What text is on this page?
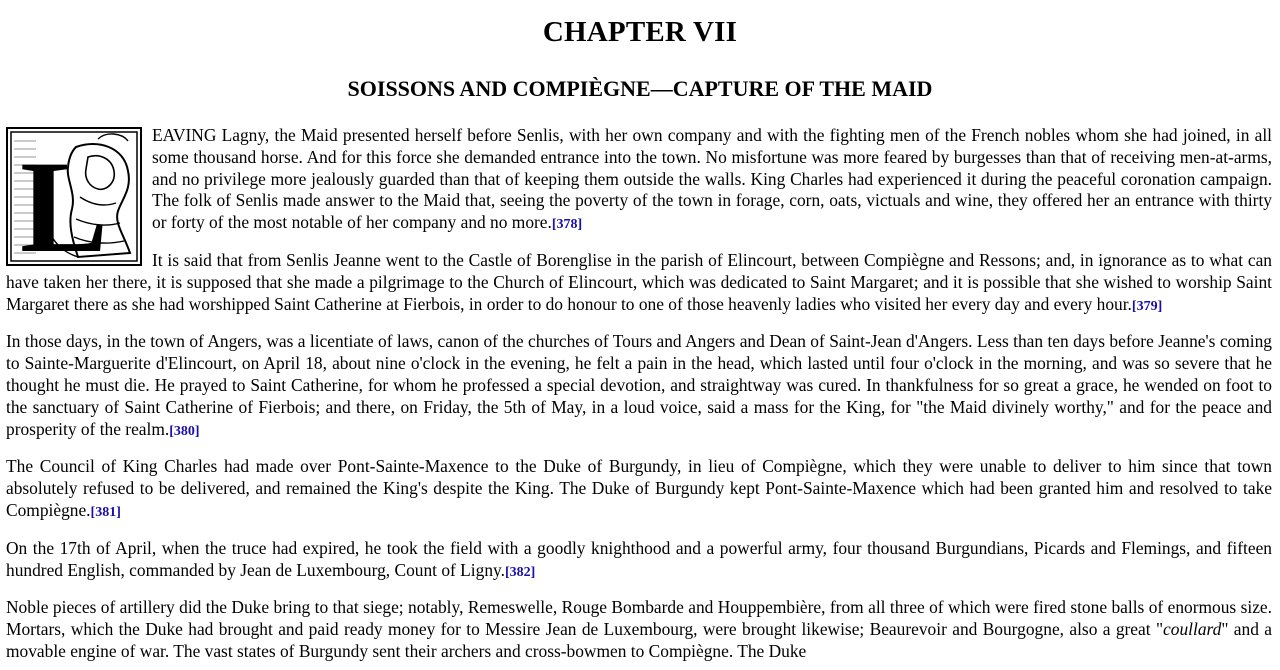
CHAPTER VII
SOISSONS AND COMPIÈGNE—CAPTURE OF THE MAID
L	EAVING Lagny, the Maid presented herself before Senlis, with her own company and with the fighting men of the French nobles whom she had joined, in all some thousand horse. And for this force she demanded entrance into the town. No misfortune was more feared by burgesses than that of receiving men-at-arms, and no privilege more jealously guarded than that of keeping them outside the walls. King Charles had experienced it during the peaceful coronation campaign. The folk of Senlis made answer to the Maid that, seeing the poverty of the town in forage, corn, oats, victuals and wine, they offered her an entrance with thirty or forty of the most notable of her company and no more.[378]

It is said that from Senlis Jeanne went to the Castle of Borenglise in the parish of Elincourt, between Compiègne and Ressons; and, in ignorance as to what can have taken her there, it is supposed that she made a pilgrimage to the Church of Elincourt, which was dedicated to Saint Margaret; and it is possible that she wished to worship Saint Margaret there as she had worshipped Saint Catherine at Fierbois, in order to do honour to one of those heavenly ladies who visited her every day and every hour.[379]

In those days, in the town of Angers, was a licentiate of laws, canon of the churches of Tours and Angers and Dean of Saint-Jean d'Angers. Less than ten days before Jeanne's coming to Sainte-Marguerite d'Elincourt, on April 18, about nine o'clock in the evening, he felt a pain in the head, which lasted until four o'clock in the morning, and was so severe that he thought he must die. He prayed to Saint Catherine, for whom he professed a special devotion, and straightway was cured. In thankfulness for so great a grace, he wended on foot to the sanctuary of Saint Catherine of Fierbois; and there, on Friday, the 5th of May, in a loud voice, said a mass for the King, for "the Maid divinely worthy," and for the peace and prosperity of the realm.[380]

The Council of King Charles had made over Pont-Sainte-Maxence to the Duke of Burgundy, in lieu of Compiègne, which they were unable to deliver to him since that town absolutely refused to be delivered, and remained the King's despite the King. The Duke of Burgundy kept Pont-Sainte-Maxence which had been granted him and resolved to take Compiègne.[381]

On the 17th of April, when the truce had expired, he took the field with a goodly knighthood and a powerful army, four thousand Burgundians, Picards and Flemings, and fifteen hundred English, commanded by Jean de Luxembourg, Count of Ligny.[382]

Noble pieces of artillery did the Duke bring to that siege; notably, Remeswelle, Rouge Bombarde and Houppembière, from all three of which were fired stone balls of enormous size. Mortars, which the Duke had brought and paid ready money for to Messire Jean de Luxembourg, were brought likewise; Beaurevoir and Bourgogne, also a great "coullard" and a movable engine of war. The vast states of Burgundy sent their archers and cross-bowmen to Compiègne. The Duke
